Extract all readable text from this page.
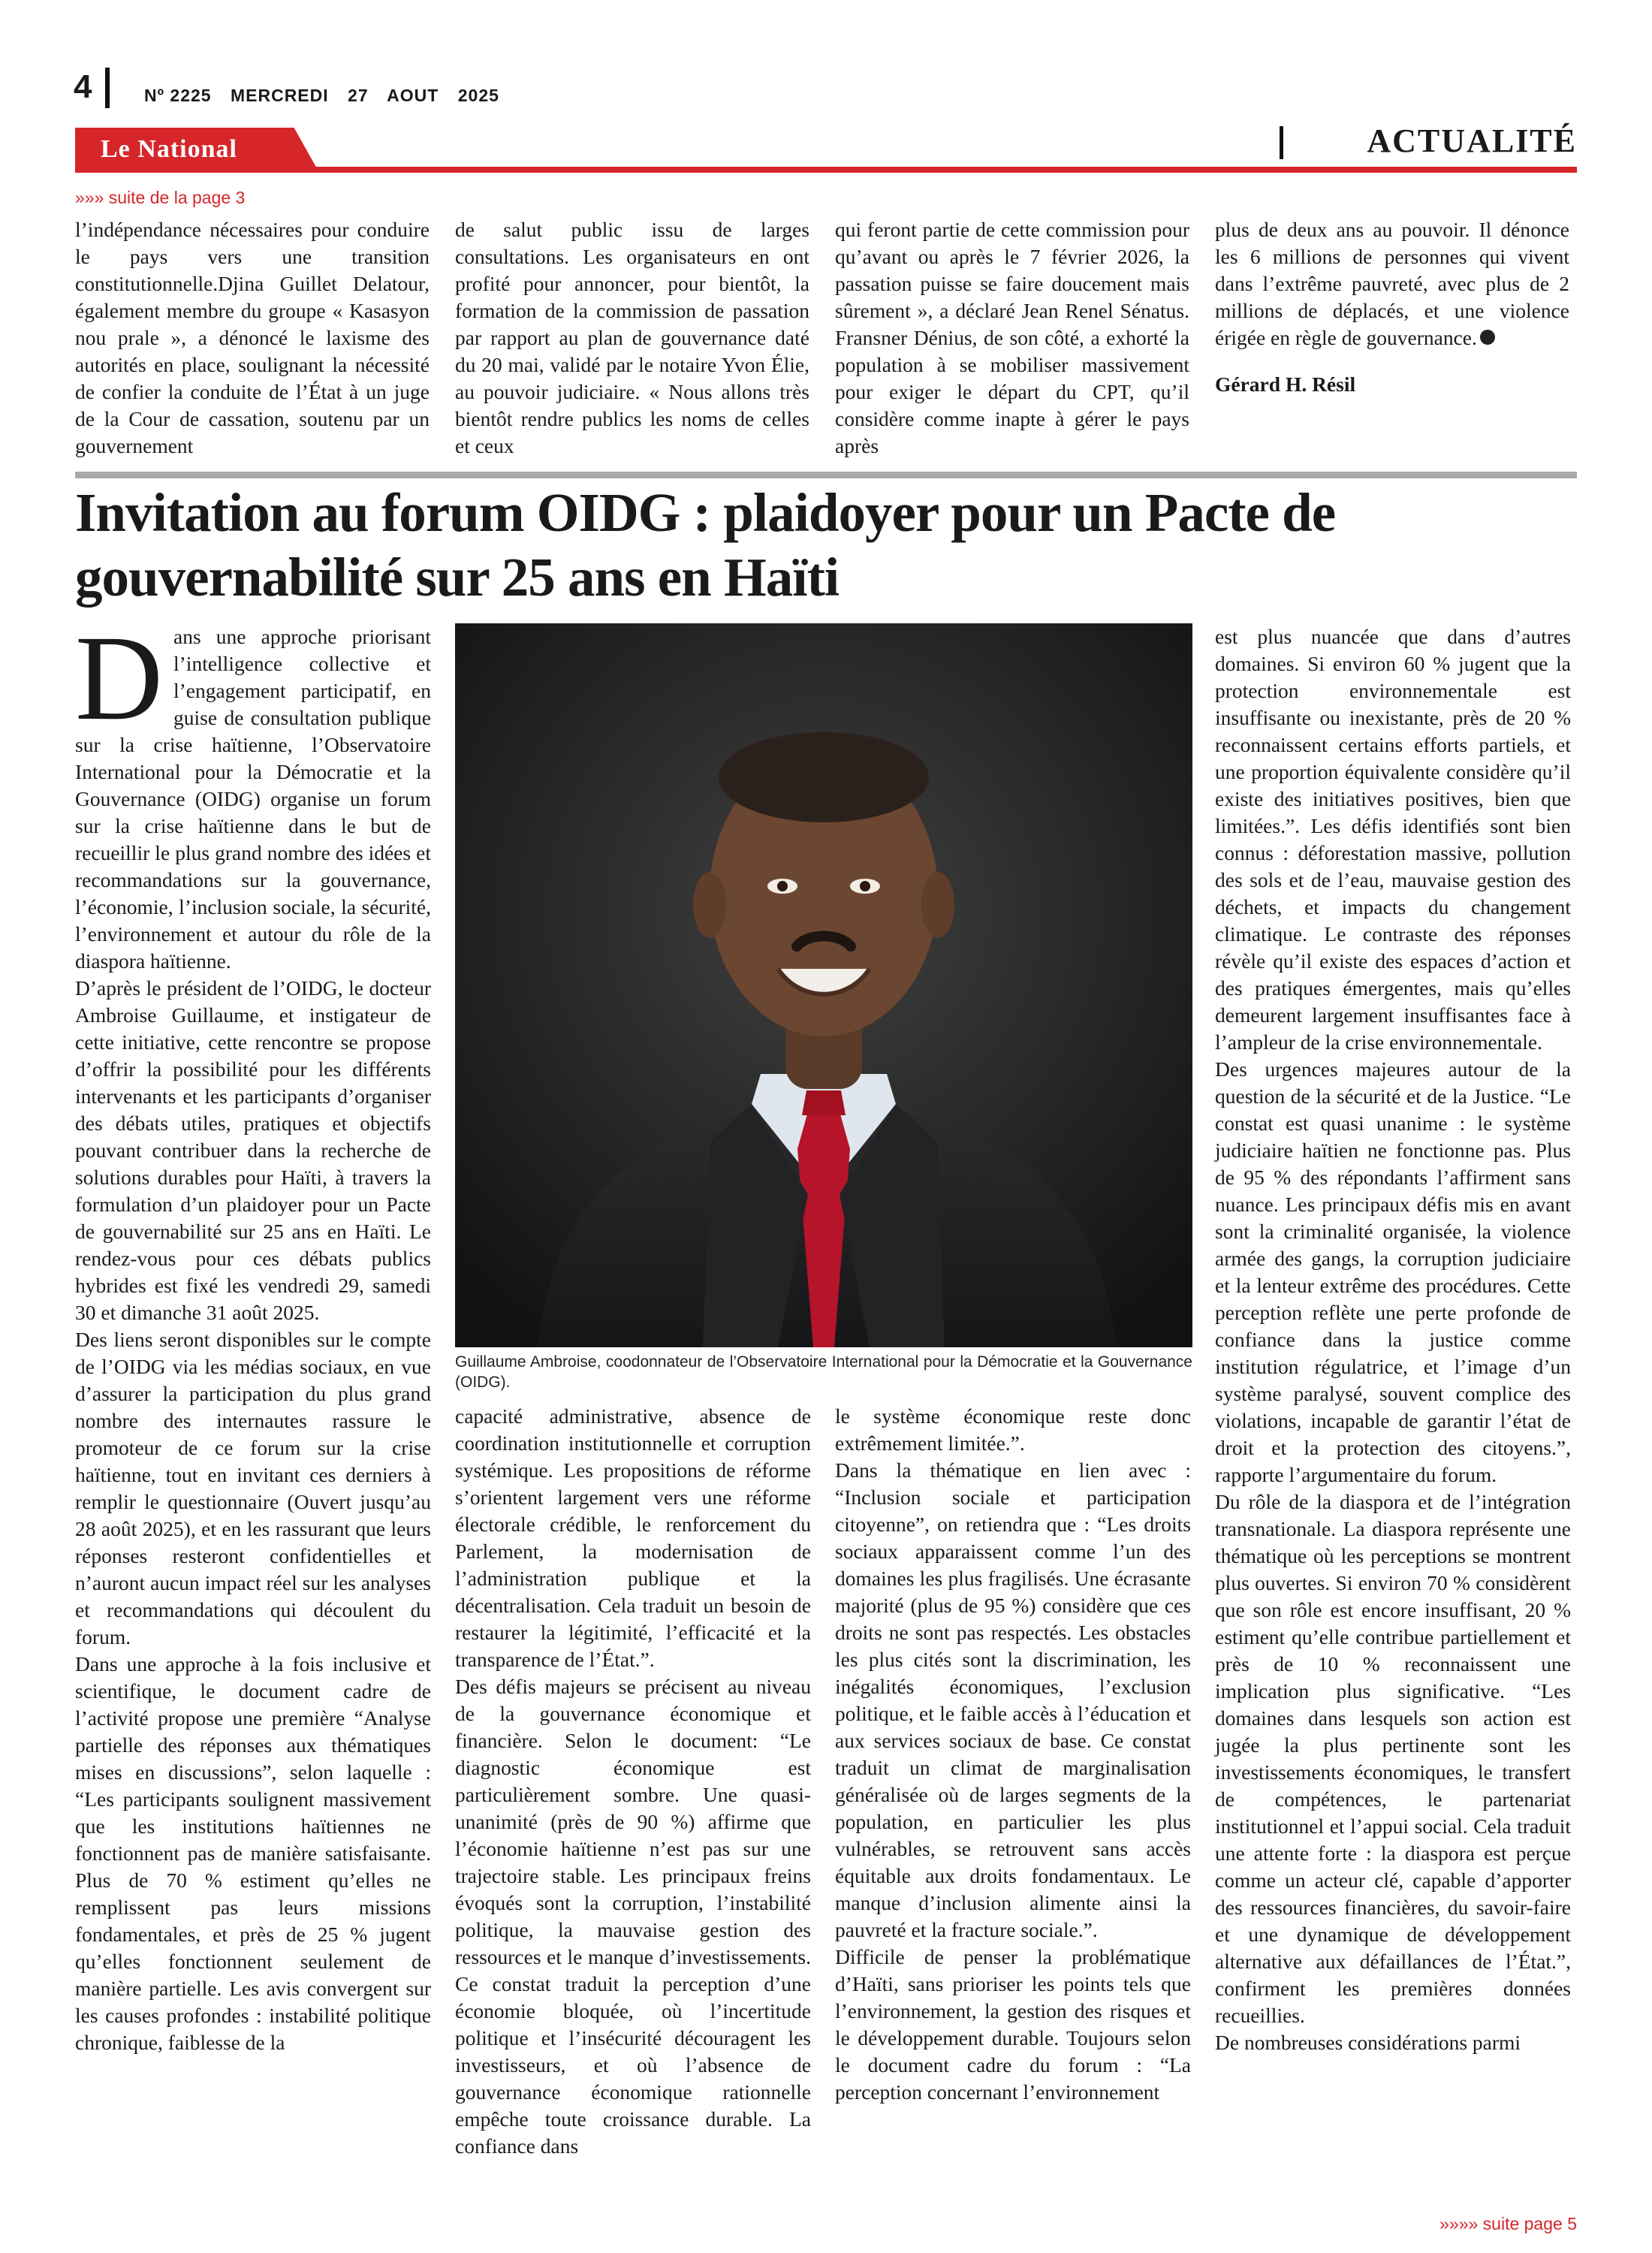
4	Nº 2225 MERCREDI 27 AOUT 2025
Le National	ACTUALITÉ
»»» suite de la page 3

l’indépendance nécessaires pour conduire le pays vers une transition constitutionnelle.Djina Guillet Delatour, également membre du groupe « Kasasyon nou prale », a dénoncé le laxisme des autorités en place, soulignant la nécessité de confier la conduite de l’État à un juge de la Cour de cassation, soutenu par un gouvernement

de salut public issu de larges consultations. Les organisateurs en ont profité pour annoncer, pour bientôt, la formation de la commission de passation par rapport au plan de gouvernance daté du 20 mai, validé par le notaire Yvon Élie, au pouvoir judiciaire. « Nous allons très bientôt rendre publics les noms de celles et ceux

qui feront partie de cette commission pour qu’avant ou après le 7 février 2026, la passation puisse se faire doucement mais sûrement », a déclaré Jean Renel Sénatus. Fransner Dénius, de son côté, a exhorté la population à se mobiliser massivement pour exiger le départ du CPT, qu’il considère comme inapte à gérer le pays après

plus de deux ans au pouvoir. Il dénonce les 6 millions de personnes qui vivent dans l’extrême pauvreté, avec plus de 2 millions de déplacés, et une violence érigée en règle de gouvernance.

Gérard H. Résil

Invitation au forum OIDG : plaidoyer pour un Pacte de gouvernabilité sur 25 ans en Haïti
D ans une approche priorisant l’intelligence collective et l’engagement participatif, en guise de consultation publique sur la crise haïtienne, l’Observatoire International pour la Démocratie et la Gouvernance (OIDG) organise un forum sur la crise haïtienne dans le but de recueillir le plus grand nombre des idées et recommandations sur la gouvernance, l’économie, l’inclusion sociale, la sécurité, l’environnement et autour du rôle de la diaspora haïtienne.

D’après le président de l’OIDG, le docteur Ambroise Guillaume, et instigateur de cette initiative, cette rencontre se propose d’offrir la possibilité pour les différents intervenants et les participants d’organiser des débats utiles, pratiques et objectifs pouvant contribuer dans la recherche de solutions durables pour Haïti, à travers la formulation d’un plaidoyer pour un Pacte de gouvernabilité sur 25 ans en Haïti. Le rendez-vous pour ces débats publics hybrides est fixé les vendredi 29, samedi 30 et dimanche 31 août 2025.

Des liens seront disponibles sur le compte de l’OIDG via les médias sociaux, en vue d’assurer la participation du plus grand nombre des internautes rassure le promoteur de ce forum sur la crise haïtienne, tout en invitant ces derniers à remplir le questionnaire (Ouvert jusqu’au 28 août 2025), et en les rassurant que leurs réponses resteront confidentielles et n’auront aucun impact réel sur les analyses et recommandations qui découlent du forum.

Dans une approche à la fois inclusive et scientifique, le document cadre de l’activité propose une première “Analyse partielle des réponses aux thématiques mises en discussions”, selon laquelle : “Les participants soulignent massivement que les institutions haïtiennes ne fonctionnent pas de manière satisfaisante. Plus de 70 % estiment qu’elles ne remplissent pas leurs missions fondamentales, et près de 25 % jugent qu’elles fonctionnent seulement de manière partielle. Les avis convergent sur les causes profondes : instabilité politique chronique, faiblesse de la

Guillaume Ambroise, coodonnateur de l’Observatoire International pour la Démocratie et la Gouvernance (OIDG).

capacité administrative, absence de coordination institutionnelle et corruption systémique. Les propositions de réforme s’orientent largement vers une réforme électorale crédible, le renforcement du Parlement, la modernisation de l’administration publique et la décentralisation. Cela traduit un besoin de restaurer la légitimité, l’efficacité et la transparence de l’État.”.

Des défis majeurs se précisent au niveau de la gouvernance économique et financière. Selon le document: “Le diagnostic économique est particulièrement sombre. Une quasi-unanimité (près de 90 %) affirme que l’économie haïtienne n’est pas sur une trajectoire stable. Les principaux freins évoqués sont la corruption, l’instabilité politique, la mauvaise gestion des ressources et le manque d’investissements. Ce constat traduit la perception d’une économie bloquée, où l’incertitude politique et l’insécurité découragent les investisseurs, et où l’absence de gouvernance économique rationnelle empêche toute croissance durable. La confiance dans

le système économique reste donc extrêmement limitée.”.

Dans la thématique en lien avec : “Inclusion sociale et participation citoyenne”, on retiendra que : “Les droits sociaux apparaissent comme l’un des domaines les plus fragilisés. Une écrasante majorité (plus de 95 %) considère que ces droits ne sont pas respectés. Les obstacles les plus cités sont la discrimination, les inégalités économiques, l’exclusion politique, et le faible accès à l’éducation et aux services sociaux de base. Ce constat traduit un climat de marginalisation généralisée où de larges segments de la population, en particulier les plus vulnérables, se retrouvent sans accès équitable aux droits fondamentaux. Le manque d’inclusion alimente ainsi la pauvreté et la fracture sociale.”.

Difficile de penser la problématique d’Haïti, sans prioriser les points tels que l’environnement, la gestion des risques et le développement durable. Toujours selon le document cadre du forum : “La perception concernant l’environnement

est plus nuancée que dans d’autres domaines. Si environ 60 % jugent que la protection environnementale est insuffisante ou inexistante, près de 20 % reconnaissent certains efforts partiels, et une proportion équivalente considère qu’il existe des initiatives positives, bien que limitées.”. Les défis identifiés sont bien connus : déforestation massive, pollution des sols et de l’eau, mauvaise gestion des déchets, et impacts du changement climatique. Le contraste des réponses révèle qu’il existe des espaces d’action et des pratiques émergentes, mais qu’elles demeurent largement insuffisantes face à l’ampleur de la crise environnementale.

Des urgences majeures autour de la question de la sécurité et de la Justice. “Le constat est quasi unanime : le système judiciaire haïtien ne fonctionne pas. Plus de 95 % des répondants l’affirment sans nuance. Les principaux défis mis en avant sont la criminalité organisée, la violence armée des gangs, la corruption judiciaire et la lenteur extrême des procédures. Cette perception reflète une perte profonde de confiance dans la justice comme institution régulatrice, et l’image d’un système paralysé, souvent complice des violations, incapable de garantir l’état de droit et la protection des citoyens.”, rapporte l’argumentaire du forum.

Du rôle de la diaspora et de l’intégration transnationale. La diaspora représente une thématique où les perceptions se montrent plus ouvertes. Si environ 70 % considèrent que son rôle est encore insuffisant, 20 % estiment qu’elle contribue partiellement et près de 10 % reconnaissent une implication plus significative. “Les domaines dans lesquels son action est jugée la plus pertinente sont les investissements économiques, le transfert de compétences, le partenariat institutionnel et l’appui social. Cela traduit une attente forte : la diaspora est perçue comme un acteur clé, capable d’apporter des ressources financières, du savoir-faire et une dynamique de développement alternative aux défaillances de l’État.”, confirment les premières données recueillies.

De nombreuses considérations parmi

»»»» suite page 5
